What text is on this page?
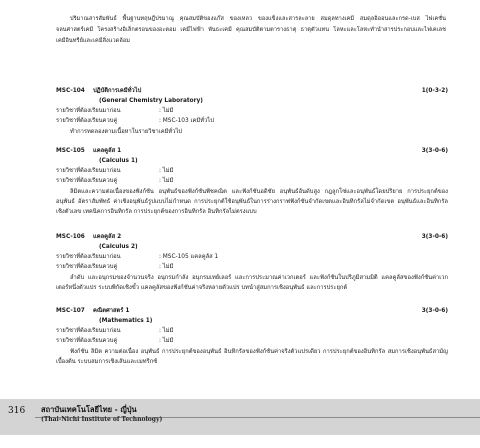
ปริมาณสารสัมพันธ์ พื้นฐานทฤษฎีปรมาณู คุณสมบัติของแก๊ส ของเหลว ของแข็งและสารละลาย สมดุลทางเคมี สมดุลอิออนและกรด-เบส ไฟเคชั่น จลนศาสตร์เคมี โครงสร้างอิเล็กตรอนของอะตอม เคมีไฟฟ้า พันธะเคมี คุณสมบัติตามตารางธาตุ ธาตุตัวแทน โลหะและโลหะทำนำสารประกอบและไฟเคเลช เคมีอินทรีย์และเคมีสิ่งแวดล้อม

MSC-104 ปฏิบัติการเคมีทั่วไป	1(0-3-2)
(General Chemistry Laboratory)
รายวิชาที่ต้องเรียนมาก่อน	: ไม่มี
รายวิชาที่ต้องเรียนควบคู่	: MSC-103 เคมีทั่วไป

ทำการทดลองตามเนื้อหาในรายวิชาเคมีทั่วไป

MSC-105 แคลคูลัส 1	3(3-0-6)
(Calculus 1)
รายวิชาที่ต้องเรียนมาก่อน	: ไม่มี
รายวิชาที่ต้องเรียนควบคู่	: ไม่มี

ลิมิตและความต่อเนื่องของฟังก์ชัน อนุพันธ์ของฟังก์ชันพีชคณิต และฟังก์ชันอดิชัย อนุพันธ์อันดับสูง กฎลูกโซ่และอนุพันธ์โดยปริยาย การประยุกต์ของอนุพันธ์ อัตราสัมพัทธ์ ค่าเชิงอนุพันธ์รูปแบบไม่กำหนด การประยุกต์ใช้อนุพันธ์ในการร่างกราฟฟังก์ชันจำกัดเขตและอินทิกรัลไม่จำกัดเขต อนุพันธ์และอินทิกรัลเชิงตัวเลข เทคนิคการอินทิกรัล การประยุกต์ของการอินทิกรัล อินทิกรัลไม่ตรงแบบ

MSC-106 แคลคูลัส 2	3(3-0-6)
(Calculus 2)
รายวิชาที่ต้องเรียนมาก่อน	: MSC-105 แคลคูลัส 1
รายวิชาที่ต้องเรียนควบคู่	: ไม่มี

ลำดับ และอนุกรมของจำนวนจริง อนุกรมกำลัง อนุกรมเทย์เลอร์ และการประมาณค่าเวกเตอร์ และฟังก์ชันในปริภูมิสามมิติ แคลคูลัสของฟังก์ชันค่าเวกเตอร์หนึ่งตัวแปร ระบบพิกัดเชิงขั้ว แคลคูลัสของฟังก์ชันค่าจริงหลายตัวแปร บทนำสู่สมการเชิงอนุพันธ์ และการประยุกต์

MSC-107 คณิตศาสตร์ 1	3(3-0-6)
(Mathematics 1)
รายวิชาที่ต้องเรียนมาก่อน	: ไม่มี
รายวิชาที่ต้องเรียนควบคู่	: ไม่มี

ฟังก์ชัน ลิมิต ความต่อเนื่อง อนุพันธ์ การประยุกต์ของอนุพันธ์ อินทิกรัลของฟังก์ชันค่าจริงตัวแปรเดียว การประยุกต์ของอินทิกรัล สมการเชิงอนุพันธ์สามัญเบื้องต้น ระบบสมการเชิงเส้นและเมทริกซ์

316 สถาบันเทคโนโลยีไทย - ญี่ปุ่น
(Thai-Nichi Institute of Technology)
